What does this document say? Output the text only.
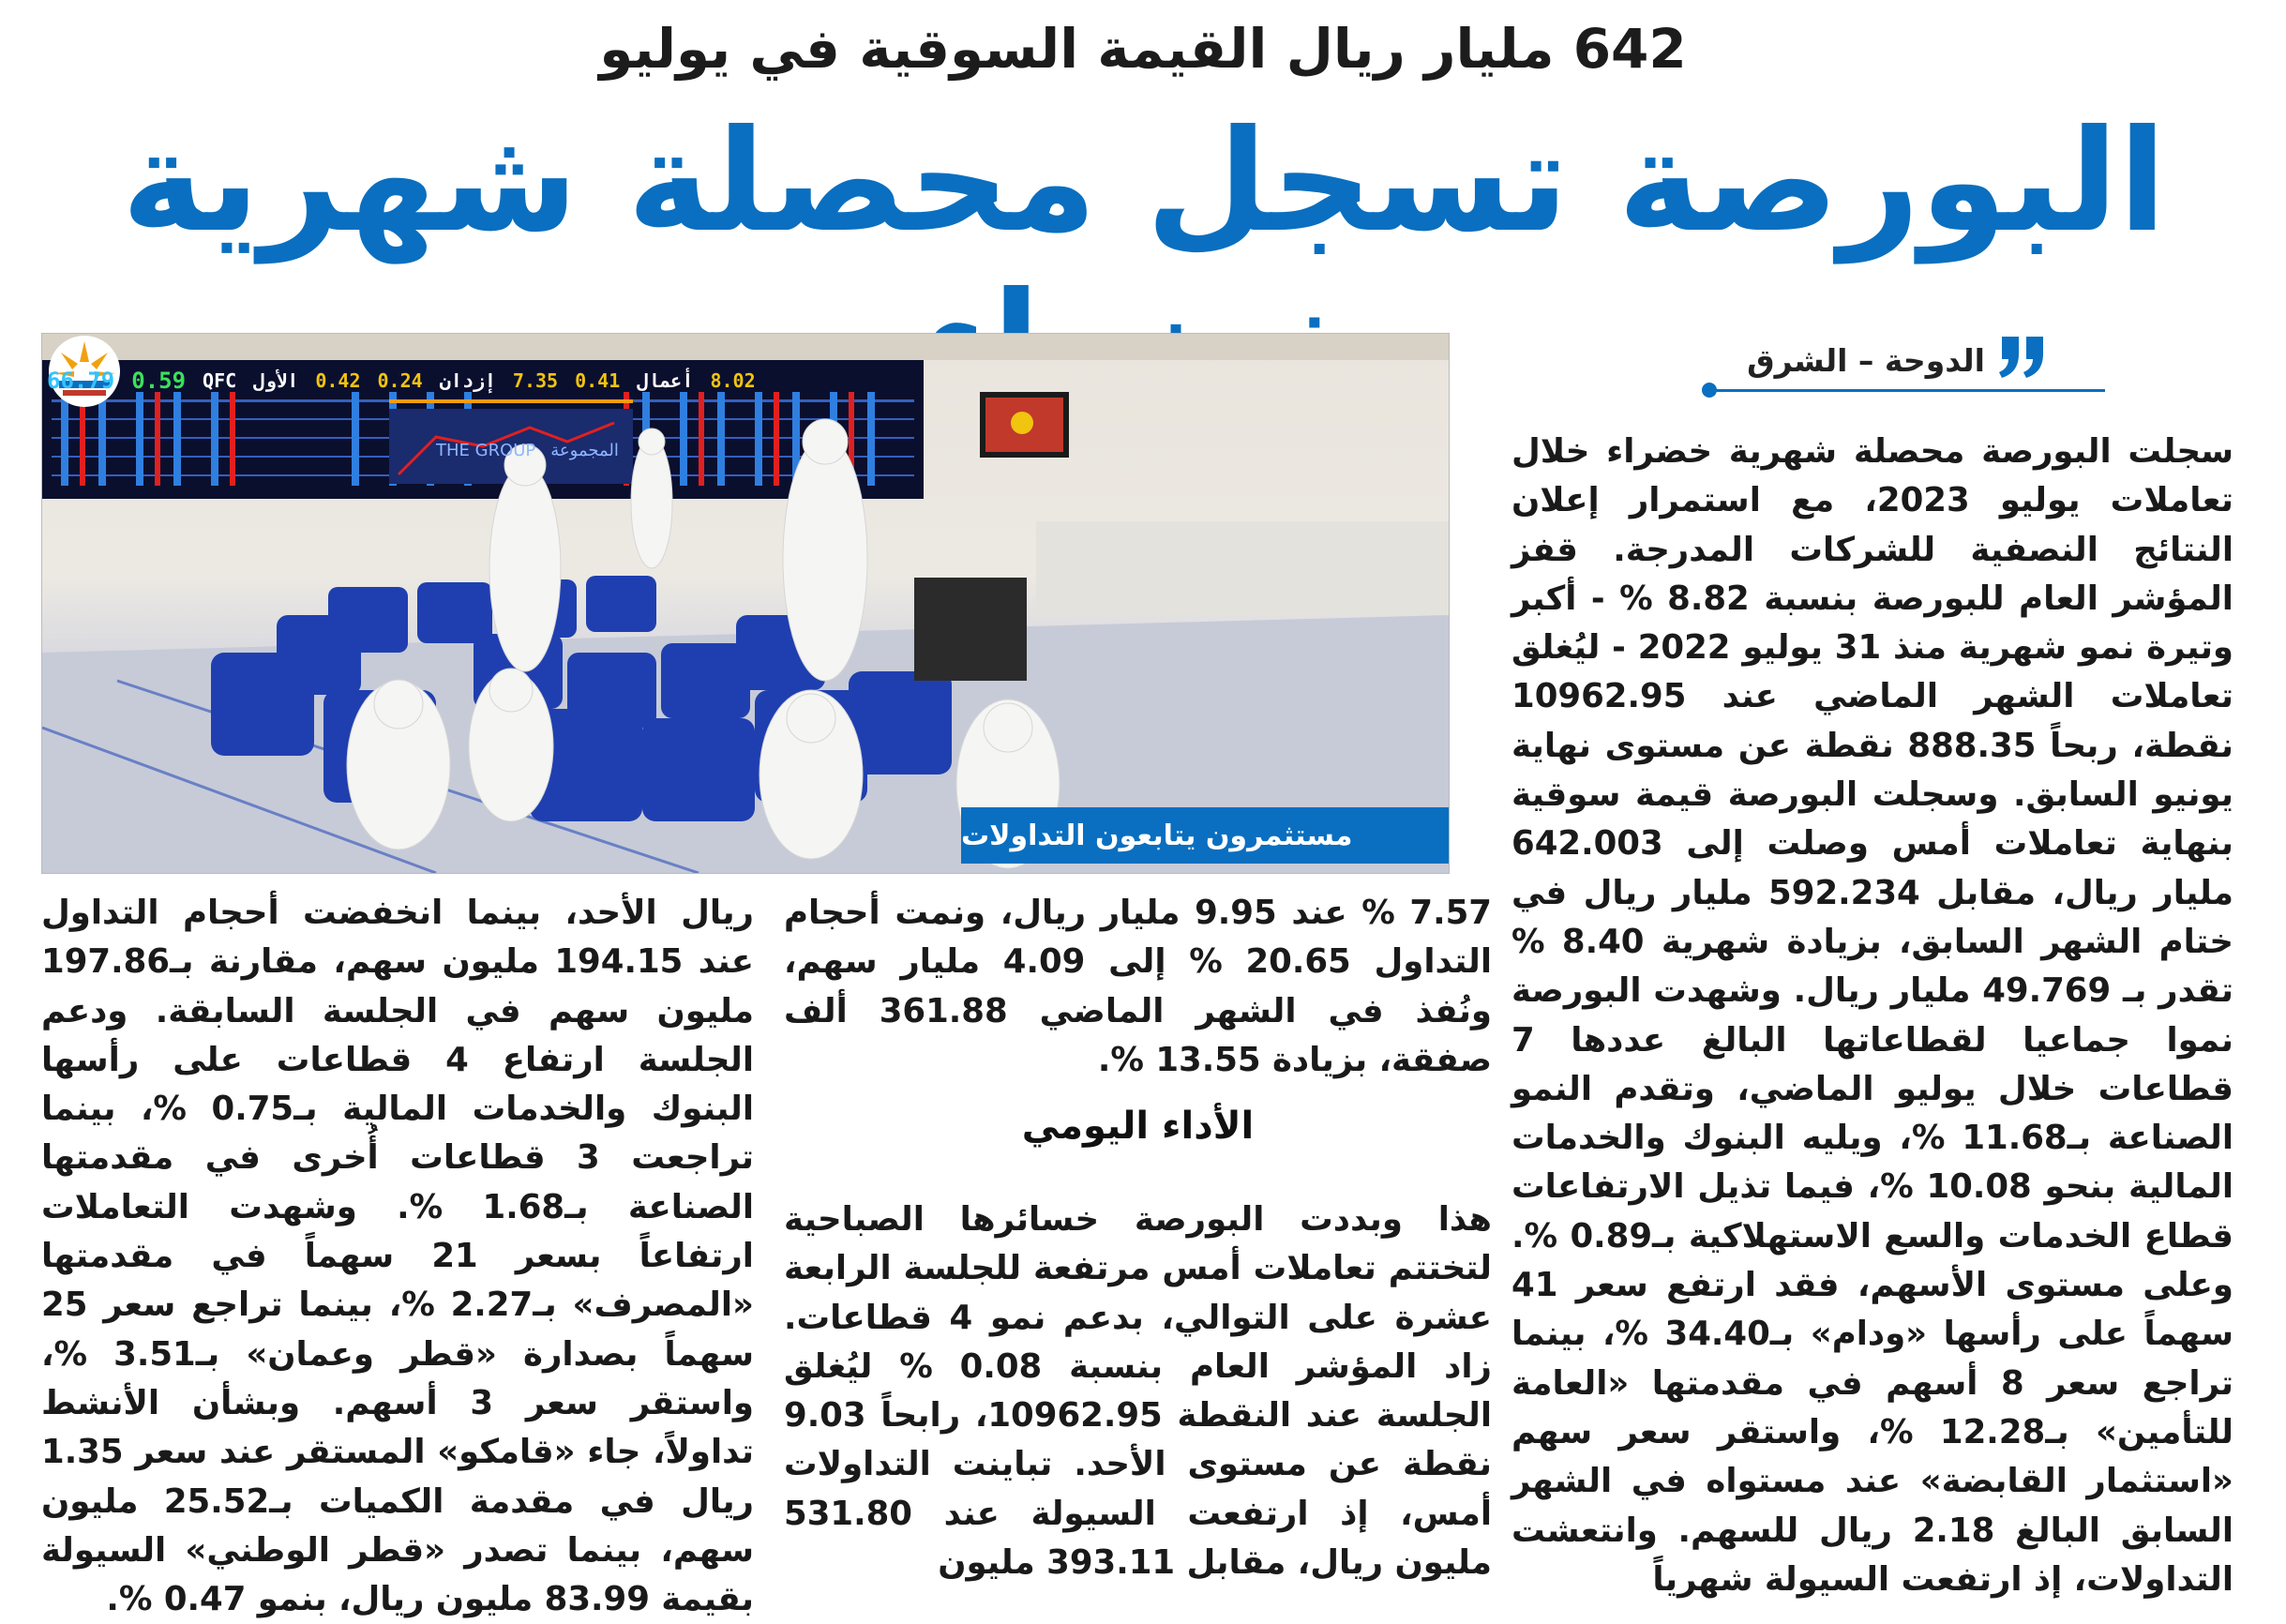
642 مليار ريال القيمة السوقية في يوليو
البورصة تسجل محصلة شهرية
مستثمرون يتابعون التداولات
66.79 0.59 QFC الأول 0.42 0.24 إزدان 7.35 0.41 أعمال 8.02
THE GROUP المجموعة
الدوحة – الشرق
سجلت البورصة محصلة شهرية خضراء خلال تعاملات يوليو 2023، مع استمرار إعلان النتائج النصفية للشركات المدرجة. قفز المؤشر العام للبورصة بنسبة 8.82 % - أكبر وتيرة نمو شهرية منذ 31 يوليو 2022 - ليُغلق تعاملات الشهر الماضي عند 10962.95 نقطة، ربحاً 888.35 نقطة عن مستوى نهاية يونيو السابق. وسجلت البورصة قيمة سوقية بنهاية تعاملات أمس وصلت إلى 642.003 مليار ريال، مقابل 592.234 مليار ريال في ختام الشهر السابق، بزيادة شهرية 8.40 % تقدر بـ 49.769 مليار ريال. وشهدت البورصة نموا جماعيا لقطاعاتها البالغ عددها 7 قطاعات خلال يوليو الماضي، وتقدم النمو الصناعة بـ11.68 %، ويليه البنوك والخدمات المالية بنحو 10.08 %، فيما تذيل الارتفاعات قطاع الخدمات والسع الاستهلاكية بـ0.89 %. وعلى مستوى الأسهم، فقد ارتفع سعر 41 سهماً على رأسها «ودام» بـ34.40 %، بينما تراجع سعر 8 أسهم في مقدمتها «العامة للتأمين» بـ12.28 %، واستقر سعر سهم «استثمار القابضة» عند مستواه في الشهر السابق البالغ 2.18 ريال للسهم. وانتعشت التداولات، إذ ارتفعت السيولة شهرياً
7.57 % عند 9.95 مليار ريال، ونمت أحجام التداول 20.65 % إلى 4.09 مليار سهم، ونُفذ في الشهر الماضي 361.88 ألف صفقة، بزيادة 13.55 %.
الأداء اليومي
هذا وبددت البورصة خسائرها الصباحية لتختتم تعاملات أمس مرتفعة للجلسة الرابعة عشرة على التوالي، بدعم نمو 4 قطاعات. زاد المؤشر العام بنسبة 0.08 % ليُغلق الجلسة عند النقطة 10962.95، رابحاً 9.03 نقطة عن مستوى الأحد. تباينت التداولات أمس، إذ ارتفعت السيولة عند 531.80 مليون ريال، مقابل 393.11 مليون
ريال الأحد، بينما انخفضت أحجام التداول عند 194.15 مليون سهم، مقارنة بـ197.86 مليون سهم في الجلسة السابقة. ودعم الجلسة ارتفاع 4 قطاعات على رأسها البنوك والخدمات المالية بـ0.75 %، بينما تراجعت 3 قطاعات أُخرى في مقدمتها الصناعة بـ1.68 %. وشهدت التعاملات ارتفاعاً بسعر 21 سهماً في مقدمتها «المصرف» بـ2.27 %، بينما تراجع سعر 25 سهماً بصدارة «قطر وعمان» بـ3.51 %، واستقر سعر 3 أسهم. وبشأن الأنشط تداولاً، جاء «قامكو» المستقر عند سعر 1.35 ريال في مقدمة الكميات بـ25.52 مليون سهم، بينما تصدر «قطر الوطني» السيولة بقيمة 83.99 مليون ريال، بنمو 0.47 %.
